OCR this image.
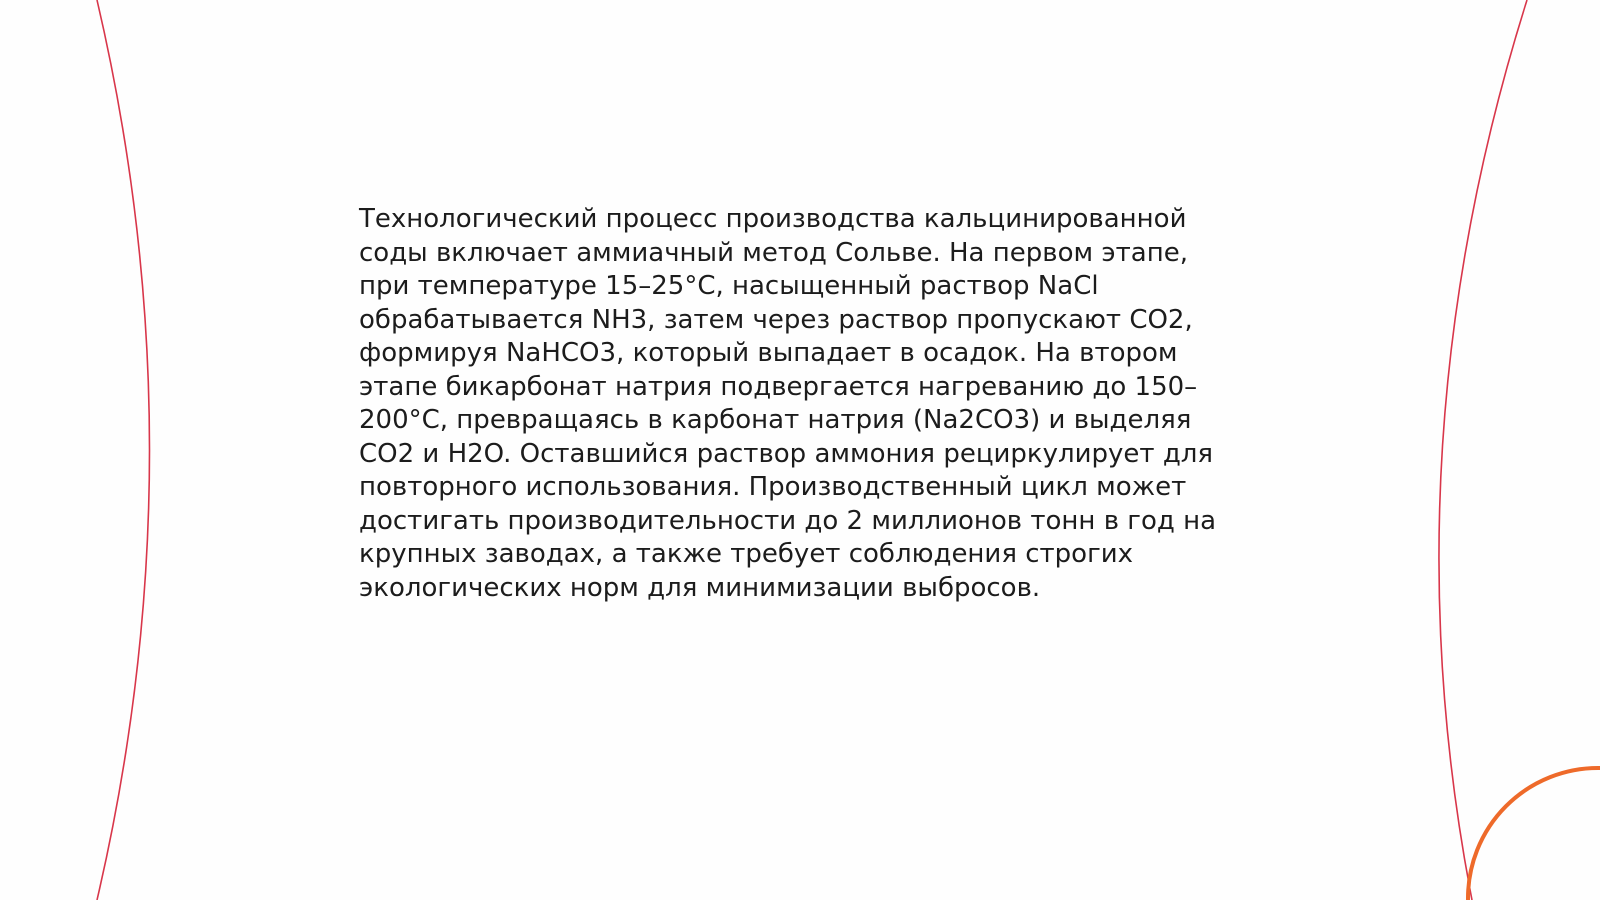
Технологический процесс производства кальцинированной
соды включает аммиачный метод Сольве. На первом этапе,
при температуре 15–25°C, насыщенный раствор NaCl
обрабатывается NH3, затем через раствор пропускают CO2,
формируя NaHCO3, который выпадает в осадок. На втором
этапе бикарбонат натрия подвергается нагреванию до 150–
200°C, превращаясь в карбонат натрия (Na2CO3) и выделяя
CO2 и H2O. Оставшийся раствор аммония рециркулирует для
повторного использования. Производственный цикл может
достигать производительности до 2 миллионов тонн в год на
крупных заводах, а также требует соблюдения строгих
экологических норм для минимизации выбросов.
